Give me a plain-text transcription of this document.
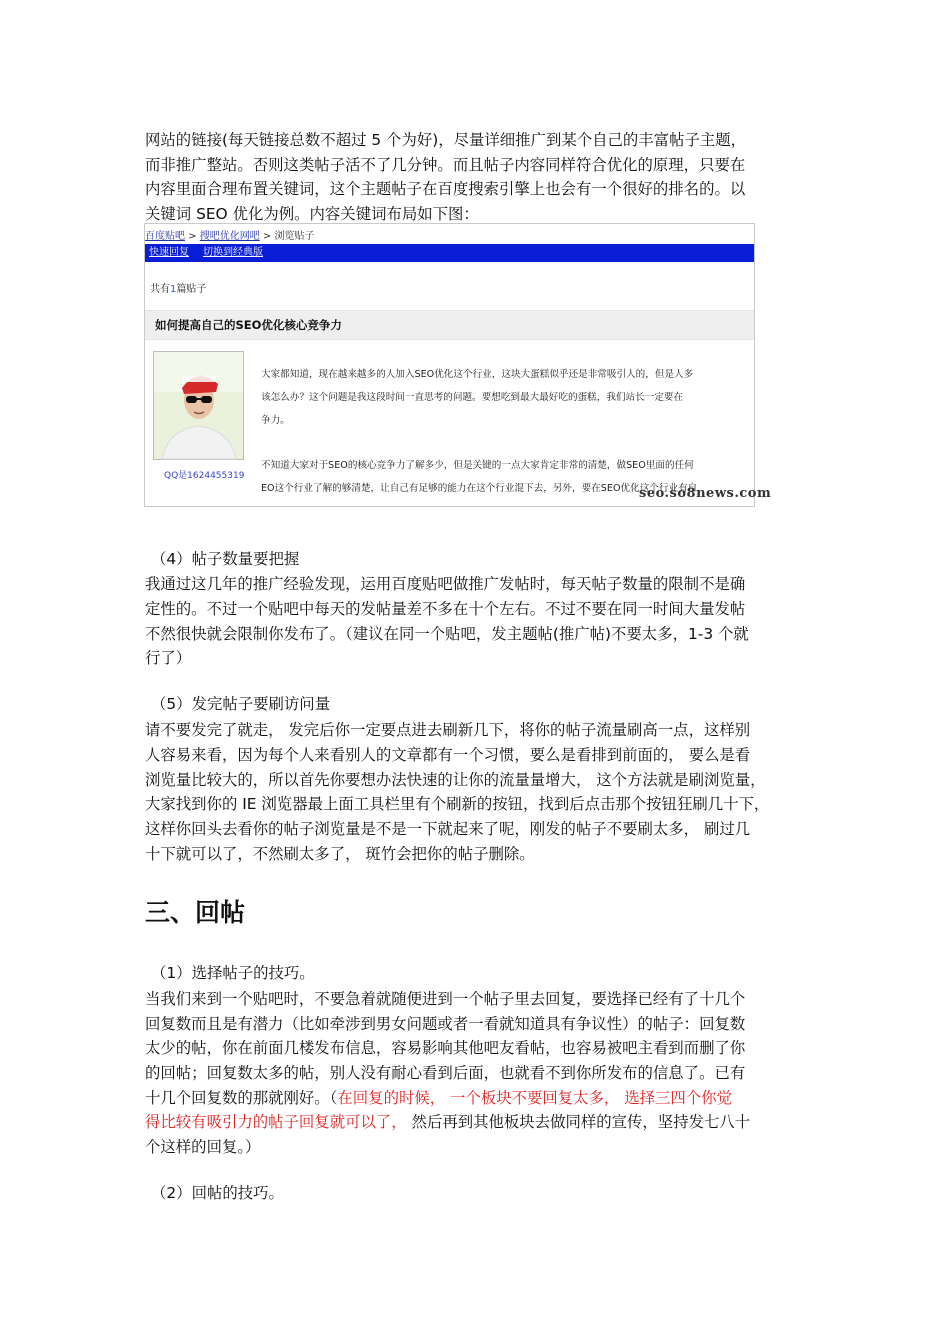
网站的链接(每天链接总数不超过 5 个为好)，尽量详细推广到某个自己的丰富帖子主题，

而非推广整站。否则这类帖子活不了几分钟。而且帖子内容同样符合优化的原理，只要在

内容里面合理布置关键词，这个主题帖子在百度搜索引擎上也会有一个很好的排名的。以

关键词 SEO 优化为例。内容关键词布局如下图：

百度贴吧 > 搜吧优化网吧 > 浏览贴子
快速回复 切换到经典版
共有1篇贴子
如何提高自己的SEO优化核心竞争力
QQ是1624455319

大家都知道，现在越来越多的人加入SEO优化这个行业，这块大蛋糕似乎还是非常吸引人的，但是人多

该怎么办？这个问题是我这段时间一直思考的问题。要想吃到最大最好吃的蛋糕，我们站长一定要在

争力。

不知道大家对于SEO的核心竞争力了解多少，但是关键的一点大家肯定非常的清楚，做SEO里面的任何

EO这个行业了解的够清楚，让自己有足够的能力在这个行业混下去，另外，要在SEO优化这个行业有自

seo.so8news.com

（4）帖子数量要把握

我通过这几年的推广经验发现，运用百度贴吧做推广发帖时，每天帖子数量的限制不是确

定性的。不过一个贴吧中每天的发帖量差不多在十个左右。不过不要在同一时间大量发帖

不然很快就会限制你发布了。（建议在同一个贴吧，发主题帖(推广帖)不要太多，1-3 个就

行了）

（5）发完帖子要刷访问量

请不要发完了就走， 发完后你一定要点进去刷新几下，将你的帖子流量刷高一点，这样别

人容易来看，因为每个人来看别人的文章都有一个习惯，要么是看排到前面的， 要么是看

浏览量比较大的，所以首先你要想办法快速的让你的流量量增大， 这个方法就是刷浏览量，

大家找到你的 IE 浏览器最上面工具栏里有个刷新的按钮，找到后点击那个按钮狂刷几十下，

这样你回头去看你的帖子浏览量是不是一下就起来了呢，刚发的帖子不要刷太多， 刷过几

十下就可以了，不然刷太多了， 斑竹会把你的帖子删除。

三、回帖

（1）选择帖子的技巧。

当我们来到一个贴吧时，不要急着就随便进到一个帖子里去回复，要选择已经有了十几个

回复数而且是有潜力（比如牵涉到男女问题或者一看就知道具有争议性）的帖子：回复数

太少的帖，你在前面几楼发布信息，容易影响其他吧友看帖，也容易被吧主看到而删了你

的回帖；回复数太多的帖，别人没有耐心看到后面，也就看不到你所发布的信息了。已有

十几个回复数的那就刚好。（在回复的时候， 一个板块不要回复太多， 选择三四个你觉

得比较有吸引力的帖子回复就可以了， 然后再到其他板块去做同样的宣传，坚持发七八十

个这样的回复。）

（2）回帖的技巧。
